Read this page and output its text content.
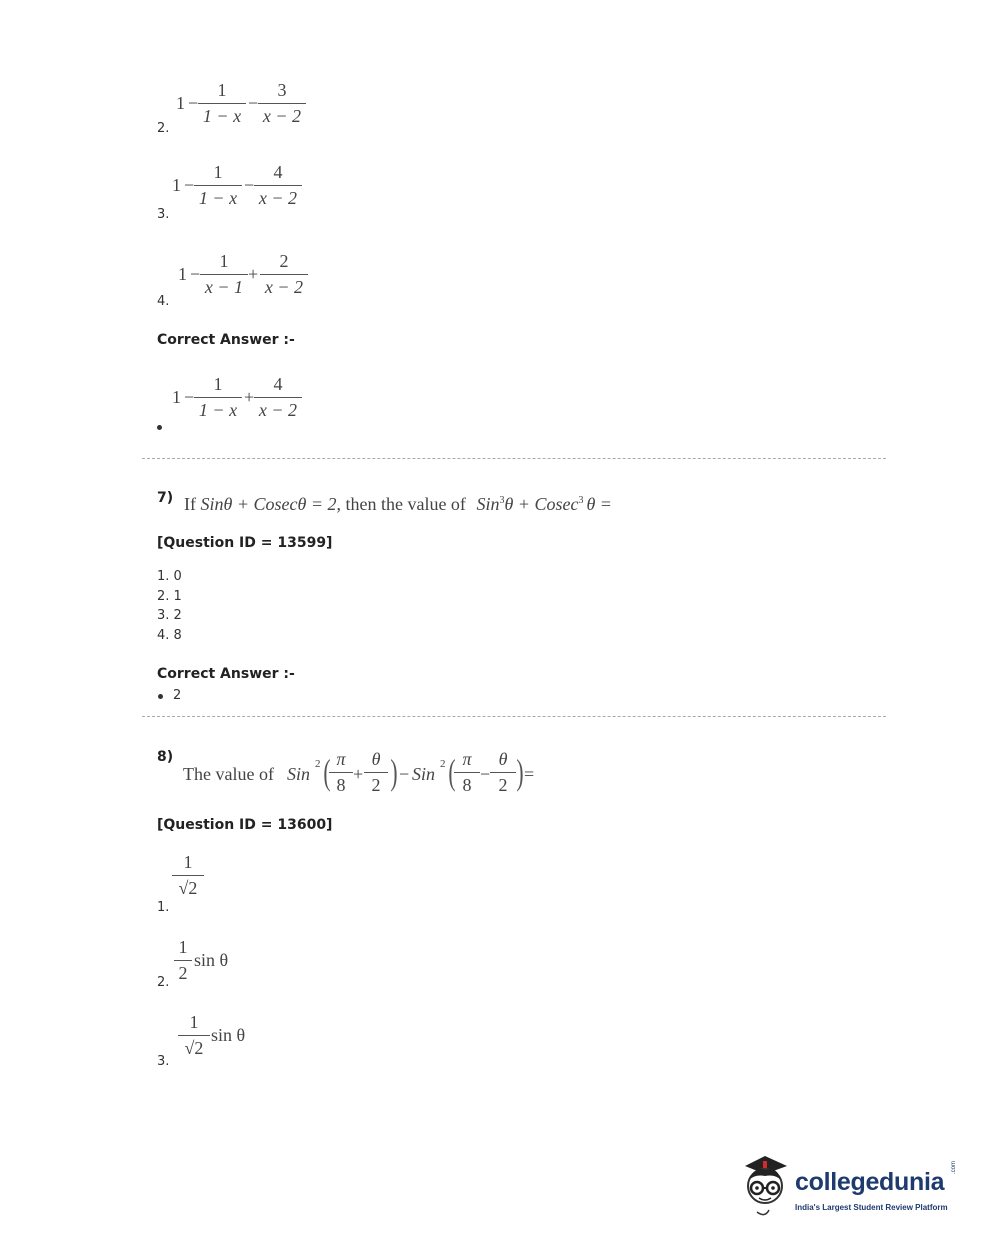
2.
1 −
1
1 − x
−
3
x − 2
3.
1 −
1
1 − x
−
4
x − 2
4.
1 −
1
x − 1
+
2
x − 2
Correct Answer :-
1 −
1
1 − x
+
4
x − 2
7) If Sinθ + Cosecθ = 2, then the value of Sin$^3$θ + Cosec$^3$ θ =
[Question ID = 13599]
1. 0
2. 1
3. 2
4. 8
Correct Answer :-
2
8)
The value of Sin 2 ( π
8
+
θ
2 ) − Sin 2 ( π
8
−
θ
2 ) =
[Question ID = 13600]
1.
1
√2
2.
1
2
sin θ
3.
1
√2
sin θ
collegedunia
.com
India's Largest Student Review Platform
